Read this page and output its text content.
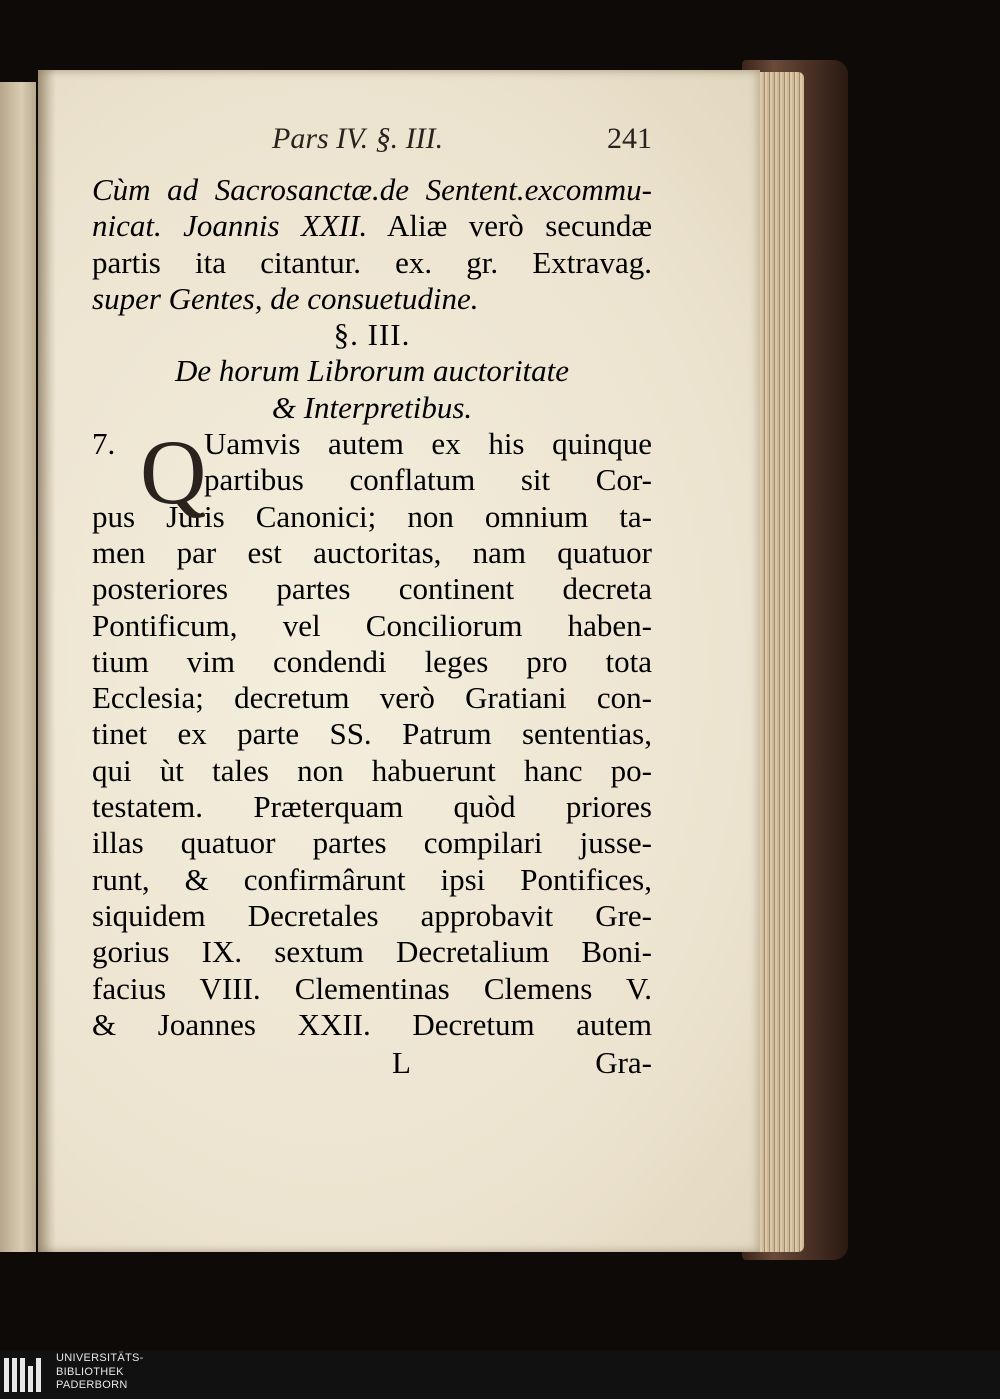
Pars IV. §. III.	241
Cùm ad Sacrosanctæ.de Sentent.excommu-
nicat. Joannis XXII. Aliæ verò secundæ
partis ita citantur. ex. gr. Extravag.
super Gentes, de consuetudine.
§. III.
De horum Librorum auctoritate
& Interpretibus.
7. Q
Uamvis autem ex his quinque
partibus conflatum sit Cor-
pus Juris Canonici; non omnium ta-
men par est auctoritas, nam quatuor
posteriores partes continent decreta
Pontificum, vel Conciliorum haben-
tium vim condendi leges pro tota
Ecclesia; decretum verò Gratiani con-
tinet ex parte SS. Patrum sententias,
qui ùt tales non habuerunt hanc po-
testatem. Præterquam quòd priores
illas quatuor partes compilari jusse-
runt, & confirmârunt ipsi Pontifices,
siquidem Decretales approbavit Gre-
gorius IX. sextum Decretalium Boni-
facius VIII. Clementinas Clemens V.
& Joannes XXII. Decretum autem
L	Gra-
UNIVERSITÄTS-
BIBLIOTHEK
PADERBORN
